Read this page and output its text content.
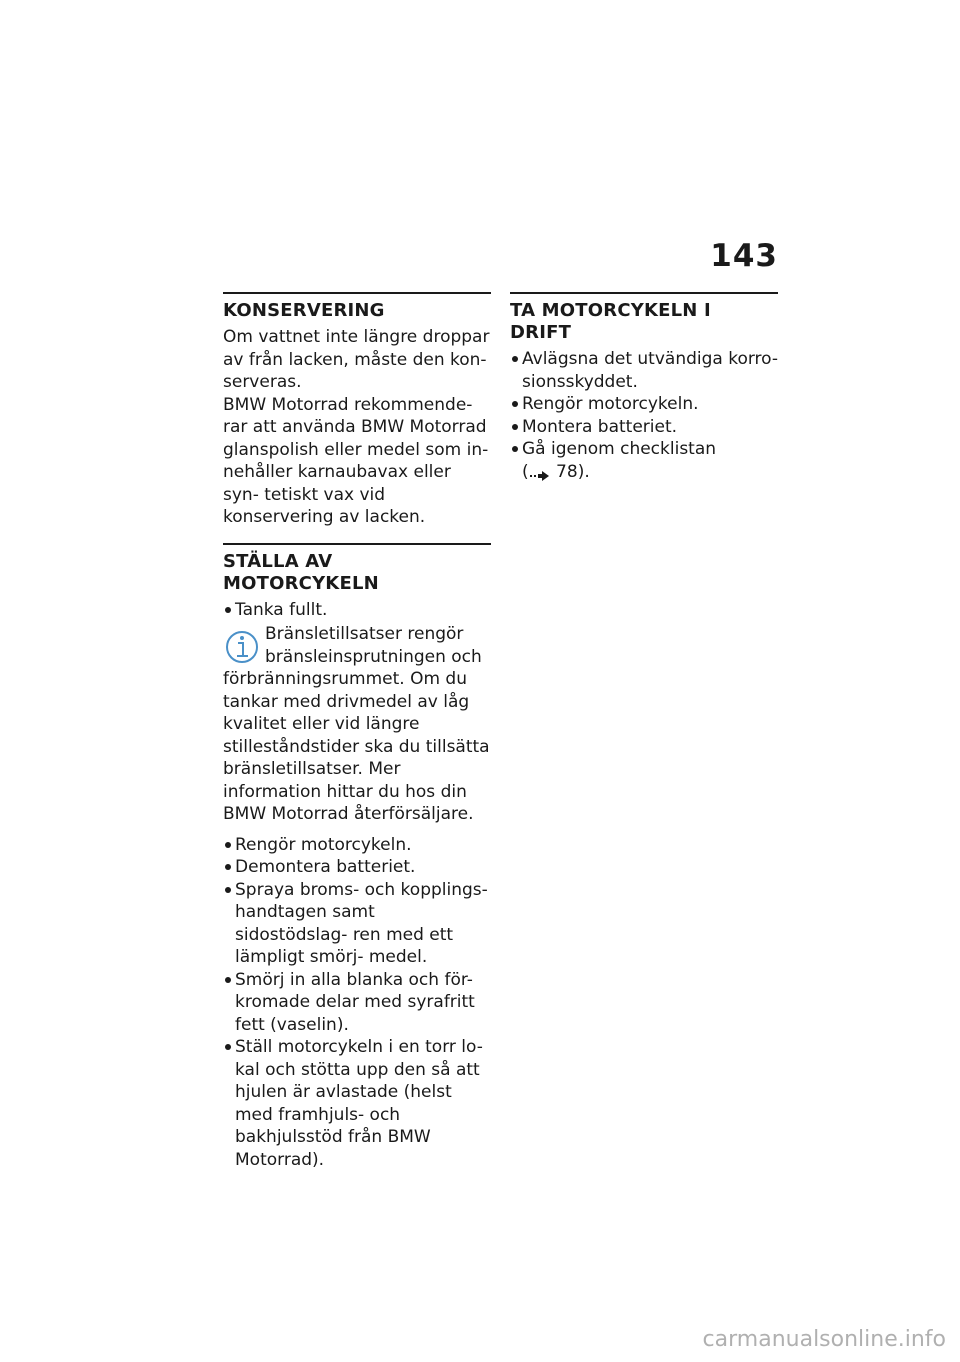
143
KONSERVERING

Om vattnet inte längre droppar av från lacken, måste den kon- serveras.

BMW Motorrad rekommende- rar att använda BMW Motorrad glanspolish eller medel som in- nehåller karnaubavax eller syn- tetiskt vax vid konservering av lacken.

STÄLLA AV MOTORCYKELN
Tanka fullt.
Bränsletillsatser rengör bränsleinsprutningen och förbränningsrummet. Om du tankar med drivmedel av låg kvalitet eller vid längre stilleståndstider ska du tillsätta bränsletillsatser. Mer information hittar du hos din BMW Motorrad återförsäljare.
Rengör motorcykeln.
Demontera batteriet.
Spraya broms- och kopplings- handtagen samt sidostödslag- ren med ett lämpligt smörj- medel.
Smörj in alla blanka och för- kromade delar med syrafritt fett (vaselin).
Ställ motorcykeln i en torr lo- kal och stötta upp den så att hjulen är avlastade (helst med framhjuls- och bakhjulsstöd från BMW Motorrad).
TA MOTORCYKELN I DRIFT
Avlägsna det utvändiga korro- sionsskyddet.
Rengör motorcykeln.
Montera batteriet.
Gå igenom checklistan
( 78).
carmanualsonline.info
